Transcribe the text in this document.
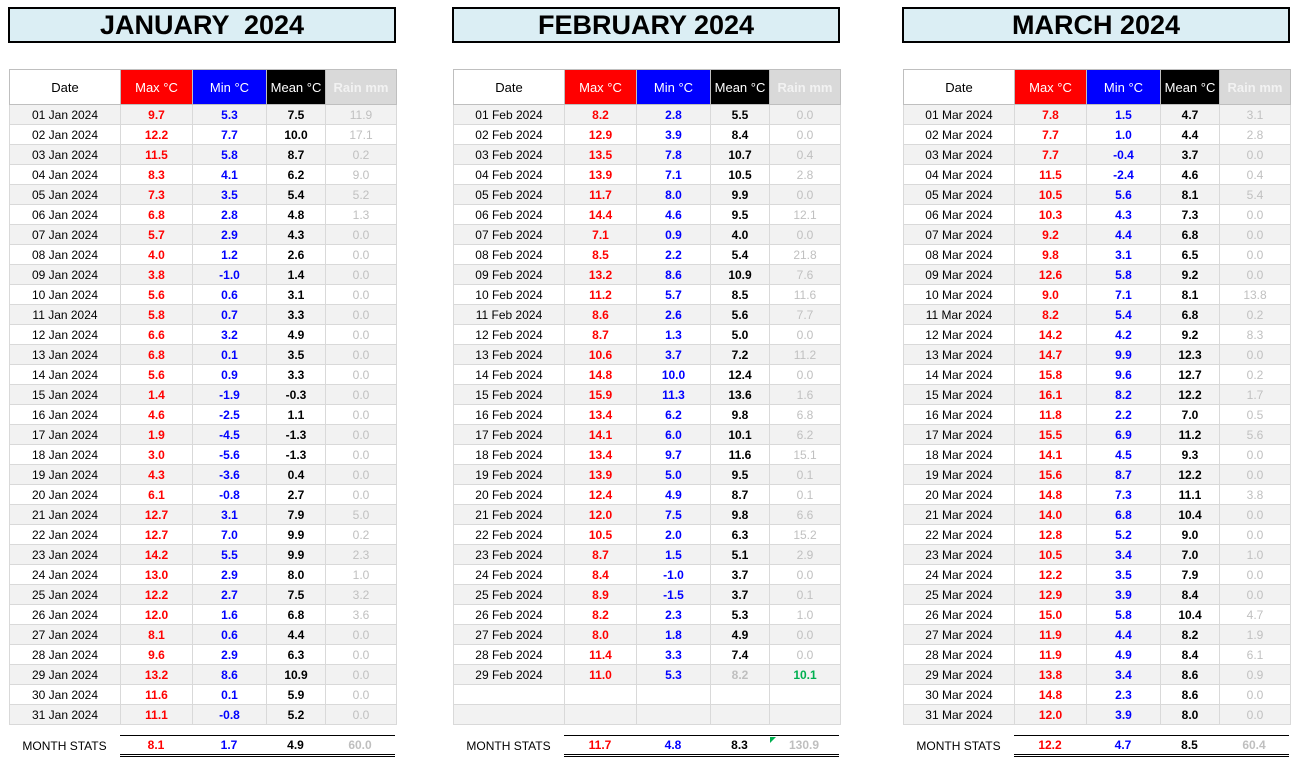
JANUARY  2024	FEBRUARY 2024	MARCH 2024
Date	Max °C	Min °C	Mean °C	Rain mm
01 Jan 2024	9.7	5.3	7.5	11.9
02 Jan 2024	12.2	7.7	10.0	17.1
03 Jan 2024	11.5	5.8	8.7	0.2
04 Jan 2024	8.3	4.1	6.2	9.0
05 Jan 2024	7.3	3.5	5.4	5.2
06 Jan 2024	6.8	2.8	4.8	1.3
07 Jan 2024	5.7	2.9	4.3	0.0
08 Jan 2024	4.0	1.2	2.6	0.0
09 Jan 2024	3.8	-1.0	1.4	0.0
10 Jan 2024	5.6	0.6	3.1	0.0
11 Jan 2024	5.8	0.7	3.3	0.0
12 Jan 2024	6.6	3.2	4.9	0.0
13 Jan 2024	6.8	0.1	3.5	0.0
14 Jan 2024	5.6	0.9	3.3	0.0
15 Jan 2024	1.4	-1.9	-0.3	0.0
16 Jan 2024	4.6	-2.5	1.1	0.0
17 Jan 2024	1.9	-4.5	-1.3	0.0
18 Jan 2024	3.0	-5.6	-1.3	0.0
19 Jan 2024	4.3	-3.6	0.4	0.0
20 Jan 2024	6.1	-0.8	2.7	0.0
21 Jan 2024	12.7	3.1	7.9	5.0
22 Jan 2024	12.7	7.0	9.9	0.2
23 Jan 2024	14.2	5.5	9.9	2.3
24 Jan 2024	13.0	2.9	8.0	1.0
25 Jan 2024	12.2	2.7	7.5	3.2
26 Jan 2024	12.0	1.6	6.8	3.6
27 Jan 2024	8.1	0.6	4.4	0.0
28 Jan 2024	9.6	2.9	6.3	0.0
29 Jan 2024	13.2	8.6	10.9	0.0
30 Jan 2024	11.6	0.1	5.9	0.0
31 Jan 2024	11.1	-0.8	5.2	0.0
Date	Max °C	Min °C	Mean °C	Rain mm
01 Feb 2024	8.2	2.8	5.5	0.0
02 Feb 2024	12.9	3.9	8.4	0.0
03 Feb 2024	13.5	7.8	10.7	0.4
04 Feb 2024	13.9	7.1	10.5	2.8
05 Feb 2024	11.7	8.0	9.9	0.0
06 Feb 2024	14.4	4.6	9.5	12.1
07 Feb 2024	7.1	0.9	4.0	0.0
08 Feb 2024	8.5	2.2	5.4	21.8
09 Feb 2024	13.2	8.6	10.9	7.6
10 Feb 2024	11.2	5.7	8.5	11.6
11 Feb 2024	8.6	2.6	5.6	7.7
12 Feb 2024	8.7	1.3	5.0	0.0
13 Feb 2024	10.6	3.7	7.2	11.2
14 Feb 2024	14.8	10.0	12.4	0.0
15 Feb 2024	15.9	11.3	13.6	1.6
16 Feb 2024	13.4	6.2	9.8	6.8
17 Feb 2024	14.1	6.0	10.1	6.2
18 Feb 2024	13.4	9.7	11.6	15.1
19 Feb 2024	13.9	5.0	9.5	0.1
20 Feb 2024	12.4	4.9	8.7	0.1
21 Feb 2024	12.0	7.5	9.8	6.6
22 Feb 2024	10.5	2.0	6.3	15.2
23 Feb 2024	8.7	1.5	5.1	2.9
24 Feb 2024	8.4	-1.0	3.7	0.0
25 Feb 2024	8.9	-1.5	3.7	0.1
26 Feb 2024	8.2	2.3	5.3	1.0
27 Feb 2024	8.0	1.8	4.9	0.0
28 Feb 2024	11.4	3.3	7.4	0.0
29 Feb 2024	11.0	5.3	8.2	10.1

Date	Max °C	Min °C	Mean °C	Rain mm
01 Mar 2024	7.8	1.5	4.7	3.1
02 Mar 2024	7.7	1.0	4.4	2.8
03 Mar 2024	7.7	-0.4	3.7	0.0
04 Mar 2024	11.5	-2.4	4.6	0.4
05 Mar 2024	10.5	5.6	8.1	5.4
06 Mar 2024	10.3	4.3	7.3	0.0
07 Mar 2024	9.2	4.4	6.8	0.0
08 Mar 2024	9.8	3.1	6.5	0.0
09 Mar 2024	12.6	5.8	9.2	0.0
10 Mar 2024	9.0	7.1	8.1	13.8
11 Mar 2024	8.2	5.4	6.8	0.2
12 Mar 2024	14.2	4.2	9.2	8.3
13 Mar 2024	14.7	9.9	12.3	0.0
14 Mar 2024	15.8	9.6	12.7	0.2
15 Mar 2024	16.1	8.2	12.2	1.7
16 Mar 2024	11.8	2.2	7.0	0.5
17 Mar 2024	15.5	6.9	11.2	5.6
18 Mar 2024	14.1	4.5	9.3	0.0
19 Mar 2024	15.6	8.7	12.2	0.0
20 Mar 2024	14.8	7.3	11.1	3.8
21 Mar 2024	14.0	6.8	10.4	0.0
22 Mar 2024	12.8	5.2	9.0	0.0
23 Mar 2024	10.5	3.4	7.0	1.0
24 Mar 2024	12.2	3.5	7.9	0.0
25 Mar 2024	12.9	3.9	8.4	0.0
26 Mar 2024	15.0	5.8	10.4	4.7
27 Mar 2024	11.9	4.4	8.2	1.9
28 Mar 2024	11.9	4.9	8.4	6.1
29 Mar 2024	13.8	3.4	8.6	0.9
30 Mar 2024	14.8	2.3	8.6	0.0
31 Mar 2024	12.0	3.9	8.0	0.0
MONTH STATS	8.1	1.7	4.9	60.0	MONTH STATS	11.7	4.8	8.3	130.9	MONTH STATS	12.2	4.7	8.5	60.4
